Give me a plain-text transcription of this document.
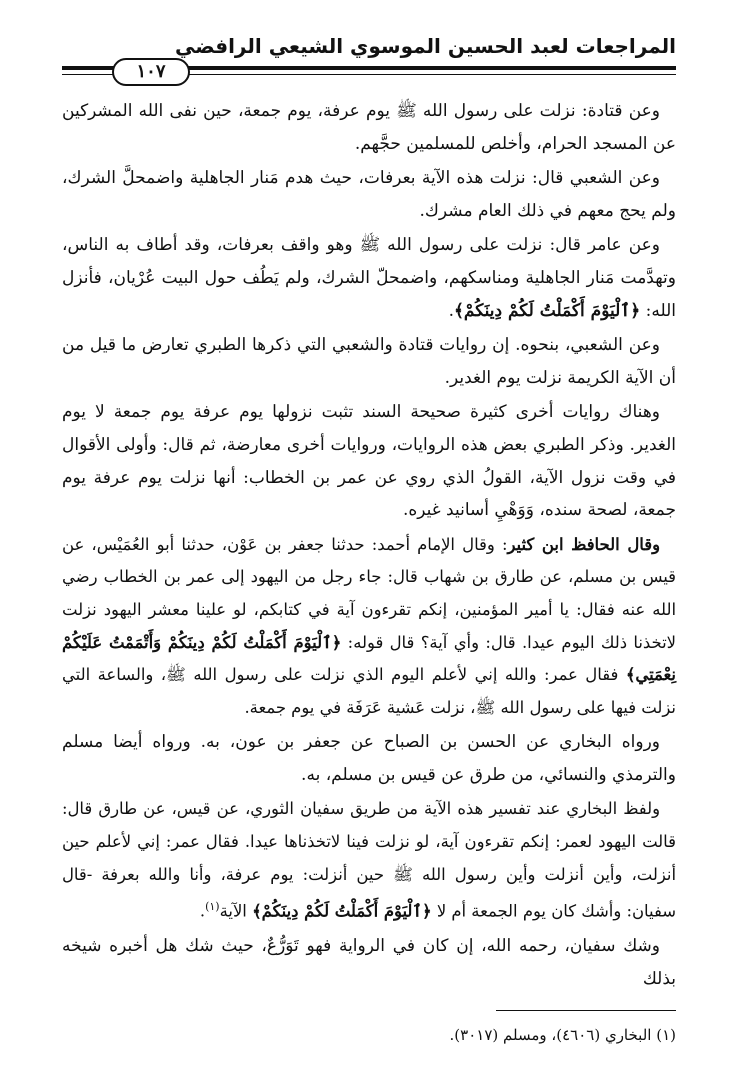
المراجعات لعبد الحسين الموسوي الشيعي الرافضي
١٠٧

وعن قتادة: نزلت على رسول الله ﷺ يوم عرفة، يوم جمعة، حين نفى الله المشركين عن المسجد الحرام، وأخلص للمسلمين حجَّهم.

وعن الشعبي قال: نزلت هذه الآية بعرفات، حيث هدم مَنار الجاهلية واضمحلَّ الشرك، ولم يحج معهم في ذلك العام مشرك.

وعن عامر قال: نزلت على رسول الله ﷺ وهو واقف بعرفات، وقد أطاف به الناس، وتهدَّمت مَنار الجاهلية ومناسكهم، واضمحلّ الشرك، ولم يَطُف حول البيت عُرْيان، فأنزل الله: ﴿ٱلْيَوْمَ أَكْمَلْتُ لَكُمْ دِينَكُمْ﴾.

وعن الشعبي، بنحوه. إن روايات قتادة والشعبي التي ذكرها الطبري تعارض ما قيل من أن الآية الكريمة نزلت يوم الغدير.

وهناك روايات أخرى كثيرة صحيحة السند تثبت نزولها يوم عرفة يوم جمعة لا يوم الغدير. وذكر الطبري بعض هذه الروايات، وروايات أخرى معارضة، ثم قال: وأولى الأقوال في وقت نزول الآية، القولُ الذي روي عن عمر بن الخطاب: أنها نزلت يوم عرفة يوم جمعة، لصحة سنده، وَوَهْيِ أسانيد غيره.

وقال الحافظ ابن كثير: وقال الإمام أحمد: حدثنا جعفر بن عَوْن، حدثنا أبو العُمَيْس، عن قيس بن مسلم، عن طارق بن شهاب قال: جاء رجل من اليهود إلى عمر بن الخطاب رضي الله عنه فقال: يا أمير المؤمنين، إنكم تقرءون آية في كتابكم، لو علينا معشر اليهود نزلت لاتخذنا ذلك اليوم عيدا. قال: وأي آية؟ قال قوله: ﴿ٱلْيَوْمَ أَكْمَلْتُ لَكُمْ دِينَكُمْ وَأَتْمَمْتُ عَلَيْكُمْ نِعْمَتِي﴾ فقال عمر: والله إني لأعلم اليوم الذي نزلت على رسول الله ﷺ، والساعة التي نزلت فيها على رسول الله ﷺ، نزلت عَشية عَرَفَة في يوم جمعة.

ورواه البخاري عن الحسن بن الصباح عن جعفر بن عون، به. ورواه أيضا مسلم والترمذي والنسائي، من طرق عن قيس بن مسلم، به.

ولفظ البخاري عند تفسير هذه الآية من طريق سفيان الثوري، عن قيس، عن طارق قال: قالت اليهود لعمر: إنكم تقرءون آية، لو نزلت فينا لاتخذناها عيدا. فقال عمر: إني لأعلم حين أنزلت، وأين أنزلت وأين رسول الله ﷺ حين أنزلت: يوم عرفة، وأنا والله بعرفة -قال سفيان: وأشك كان يوم الجمعة أم لا ﴿ٱلْيَوْمَ أَكْمَلْتُ لَكُمْ دِينَكُمْ﴾ الآية$^{(١)}$.

وشك سفيان، رحمه الله، إن كان في الرواية فهو تَوَرُّعٌ، حيث شك هل أخبره شيخه بذلك

(١) البخاري (٤٦٠٦)، ومسلم (٣٠١٧).
